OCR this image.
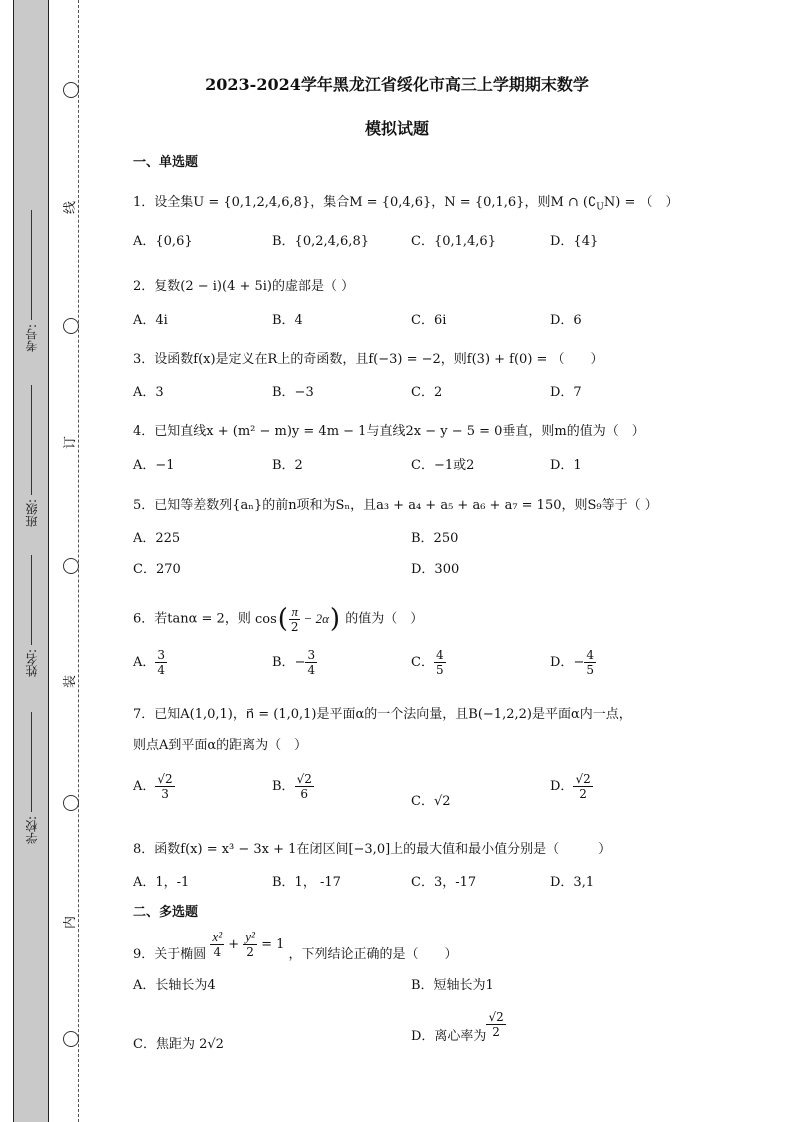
线
订
装
内
考号:
班级:
姓名:
学校:
2023-2024学年黑龙江省绥化市高三上学期期末数学
模拟试题
一、单选题
1．设全集U = {0,1,2,4,6,8}，集合M = {0,4,6}，N = {0,1,6}，则M ∩ $(∁_UN)$ = （　）
A．{0,6}	B．{0,2,4,6,8}	C．{0,1,4,6}	D．{4}
2．复数(2 − i)(4 + 5i)的虚部是（ ）
A．4i	B．4	C．6i	D．6
3．设函数f(x)是定义在R上的奇函数，且f(−3) = −2，则f(3) + f(0) = （　　）
A．3	B．−3	C．2	D．7
4．已知直线x + (m² − m)y = 4m − 1与直线2x − y − 5 = 0垂直，则m的值为（　）
A．−1	B．2	C．−1或2	D．1
5．已知等差数列{aₙ}的前n项和为Sₙ，且a₃ + a₄ + a₅ + a₆ + a₇ = 150，则S₉等于（ ）
A．225	B．250
C．270	D．300
6．若tanα = 2，则 cos ( $\frac{\pi}{2} - 2\alpha$ ) 的值为（　）
A． $\frac{3}{4}$	B．− $\frac{3}{4}$	C． $\frac{4}{5}$	D．− $\frac{4}{5}$
7．已知A(1,0,1)，n⃗ = (1,0,1)是平面α的一个法向量，且B(−1,2,2)是平面α内一点，
则点A到平面α的距离为（　）
A． $\frac{√2}{3}$	B． $\frac{√2}{6}$
C．√2
D． $\frac{√2}{2}$
8．函数f(x) = x³ − 3x + 1在闭区间[−3,0]上的最大值和最小值分别是（　　　）
A．1，-1	B．1， -17	C．3，-17	D．3,1
二、多选题
9．关于椭圆 $\frac{\text{x²}}{4} + \frac{\text{y²}}{2} = 1$ ，下列结论正确的是（　　）
A．长轴长为4	B．短轴长为1
C．焦距为 2√2
D．离心率为 $\frac{√2}{2}$
